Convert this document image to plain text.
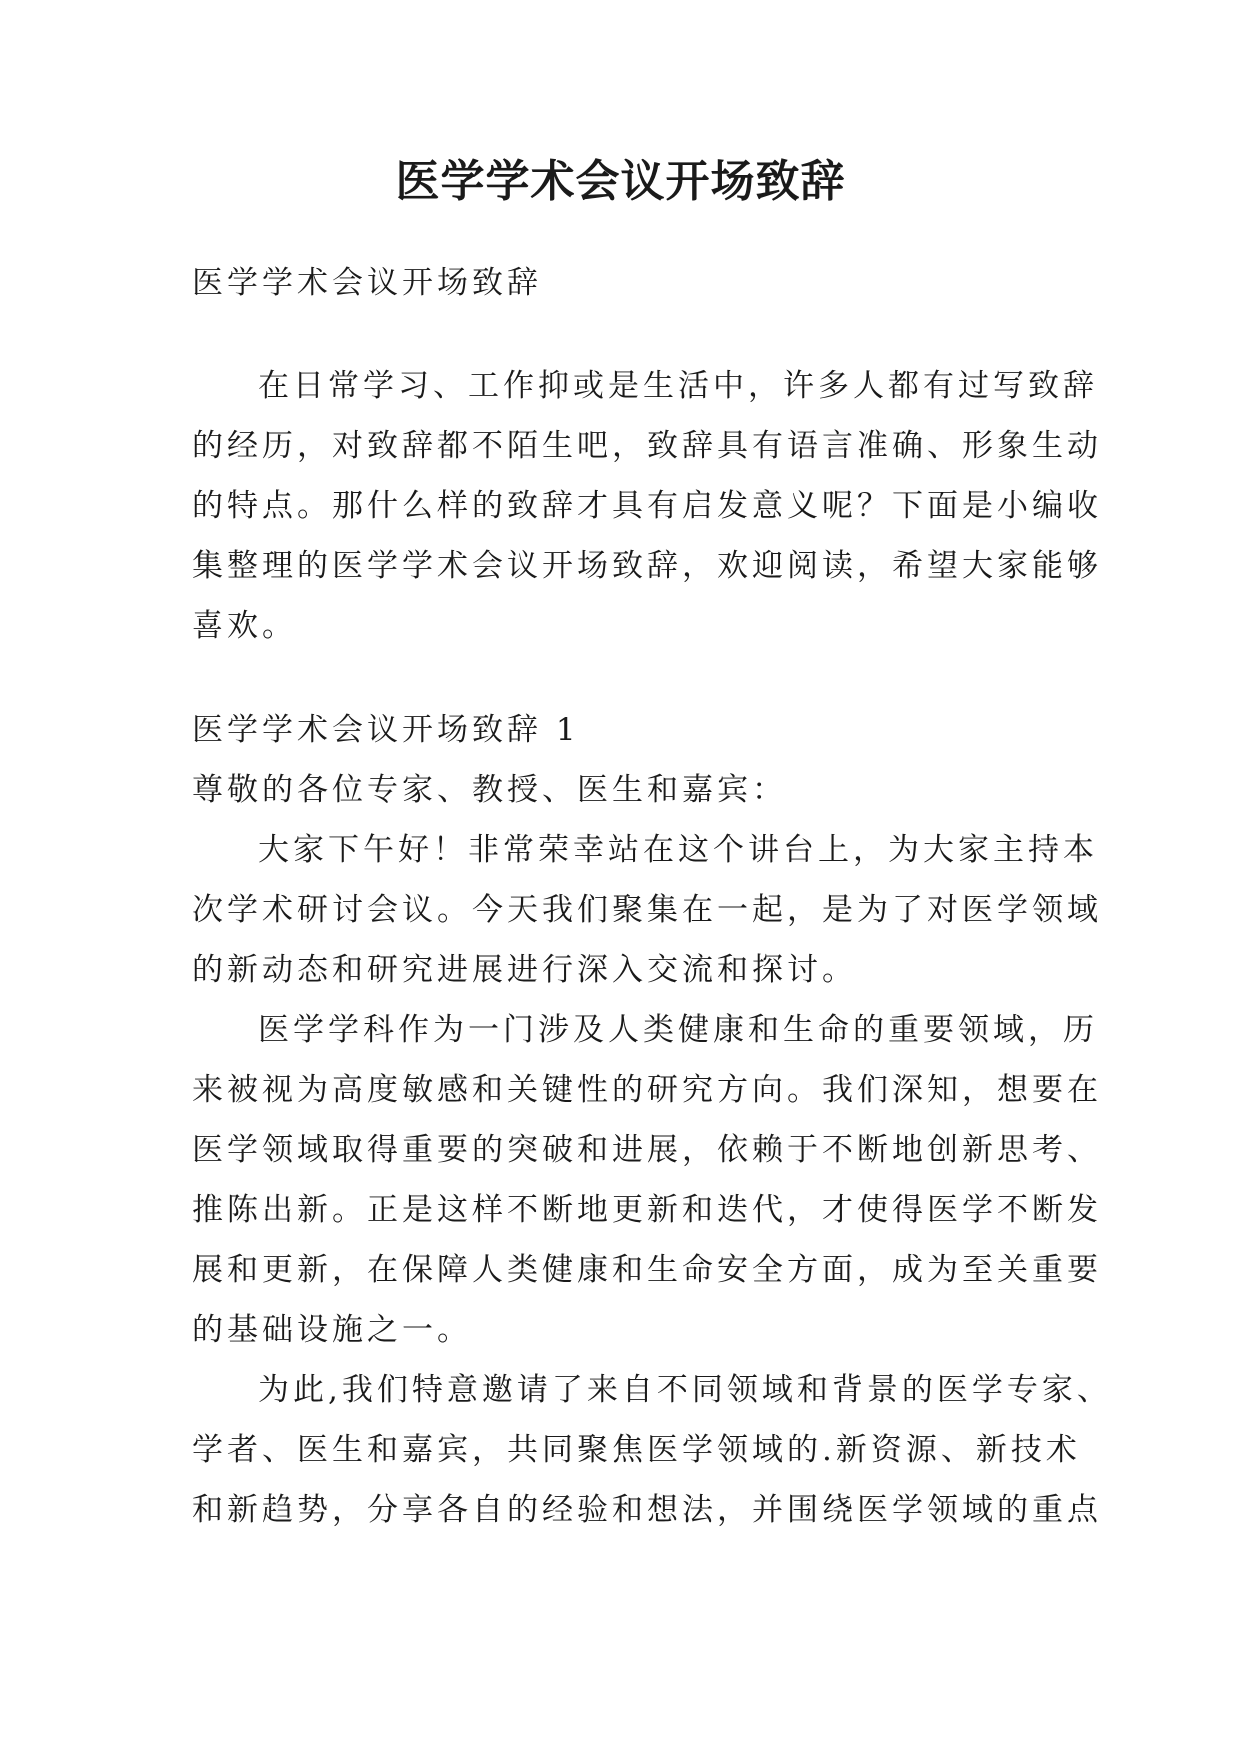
医学学术会议开场致辞

医学学术会议开场致辞

在日常学习、工作抑或是生活中，许多人都有过写致辞
的经历，对致辞都不陌生吧，致辞具有语言准确、形象生动
的特点。那什么样的致辞才具有启发意义呢？下面是小编收
集整理的医学学术会议开场致辞，欢迎阅读，希望大家能够
喜欢。

医学学术会议开场致辞 1
尊敬的各位专家、教授、医生和嘉宾：
大家下午好！非常荣幸站在这个讲台上，为大家主持本
次学术研讨会议。今天我们聚集在一起，是为了对医学领域
的新动态和研究进展进行深入交流和探讨。
医学学科作为一门涉及人类健康和生命的重要领域，历
来被视为高度敏感和关键性的研究方向。我们深知，想要在
医学领域取得重要的突破和进展，依赖于不断地创新思考、
推陈出新。正是这样不断地更新和迭代，才使得医学不断发
展和更新，在保障人类健康和生命安全方面，成为至关重要
的基础设施之一。
为此,我们特意邀请了来自不同领域和背景的医学专家、
学者、医生和嘉宾，共同聚焦医学领域的.新资源、新技术
和新趋势，分享各自的经验和想法，并围绕医学领域的重点
